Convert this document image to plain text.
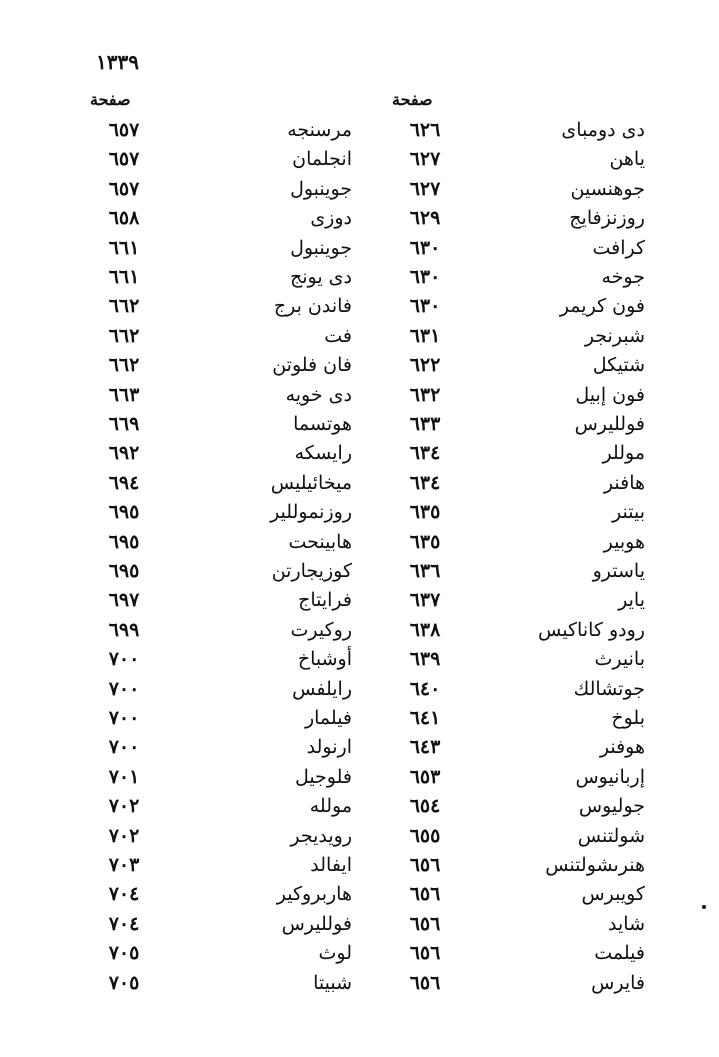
١٣٣٩
صفحة	صفحة
دى دومباى
٦٢٦
مرسنجه
٦٥٧
ياهن
٦٢٧
انجلمان
٦٥٧
جوهنسين
٦٢٧
جوينبول
٦٥٧
روزنزفايج
٦٢٩
دوزى
٦٥٨
كرافت
٦٣٠
جوينبول
٦٦١
جوخه
٦٣٠
دى يونج
٦٦١
فون كريمر
٦٣٠
فاندن برج
٦٦٢
شبرنجر
٦٣١
فت
٦٦٢
شتيكل
٦٢٢
فان فلوتن
٦٦٢
فون إبيل
٦٣٢
دى خويه
٦٦٣
فولليرس
٦٣٣
هوتسما
٦٦٩
موللر
٦٣٤
رايسكه
٦٩٢
هافنر
٦٣٤
ميخائيليس
٦٩٤
بيتنر
٦٣٥
روزنموللير
٦٩٥
هوبير
٦٣٥
هابينحت
٦٩٥
ياسترو
٦٣٦
كوزيجارتن
٦٩٥
ياير
٦٣٧
فرايتاج
٦٩٧
رودو كاناكيس
٦٣٨
روكيرت
٦٩٩
بانيرث
٦٣٩
أوشباخ
٧٠٠
جوتشالك
٦٤٠
رايلفس
٧٠٠
بلوخ
٦٤١
فيلمار
٧٠٠
هوفنر
٦٤٣
ارنولد
٧٠٠
إربانيوس
٦٥٣
فلوجيل
٧٠١
جوليوس
٦٥٤
مولله
٧٠٢
شولتنس
٦٥٥
رويديجر
٧٠٢
هنرىشولتنس
٦٥٦
ايفالد
٧٠٣
كويبرس
٦٥٦
هاربروكير
٧٠٤
شايد
٦٥٦
فولليرس
٧٠٤
فيلمت
٦٥٦
لوث
٧٠٥
فايرس
٦٥٦
شبيتا
٧٠٥
